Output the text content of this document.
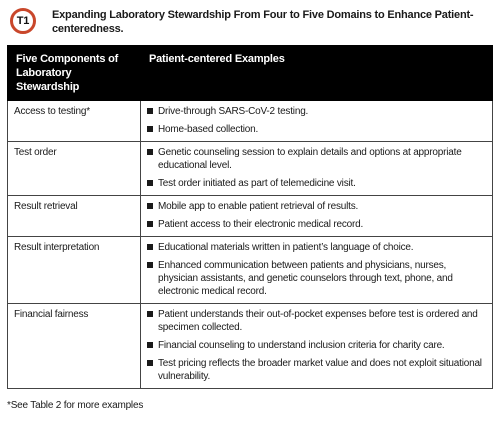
T1	Expanding Laboratory Stewardship From Four to Five Domains to Enhance Patient-centeredness.
Five Components of Laboratory Stewardship	Patient-centered Examples
Access to testing*	Drive-through SARS-CoV-2 testing.
Home-based collection.

Test order	Genetic counseling session to explain details and options at appropriate educational level.
Test order initiated as part of telemedicine visit.

Result retrieval	Mobile app to enable patient retrieval of results.
Patient access to their electronic medical record.

Result interpretation	Educational materials written in patient’s language of choice.
Enhanced communication between patients and physicians, nurses, physician assistants, and genetic counselors through text, phone, and electronic medical record.

Financial fairness	Patient understands their out-of-pocket expenses before test is ordered and specimen collected.
Financial counseling to understand inclusion criteria for charity care.
Test pricing reflects the broader market value and does not exploit situational vulnerability.
*See Table 2 for more examples
